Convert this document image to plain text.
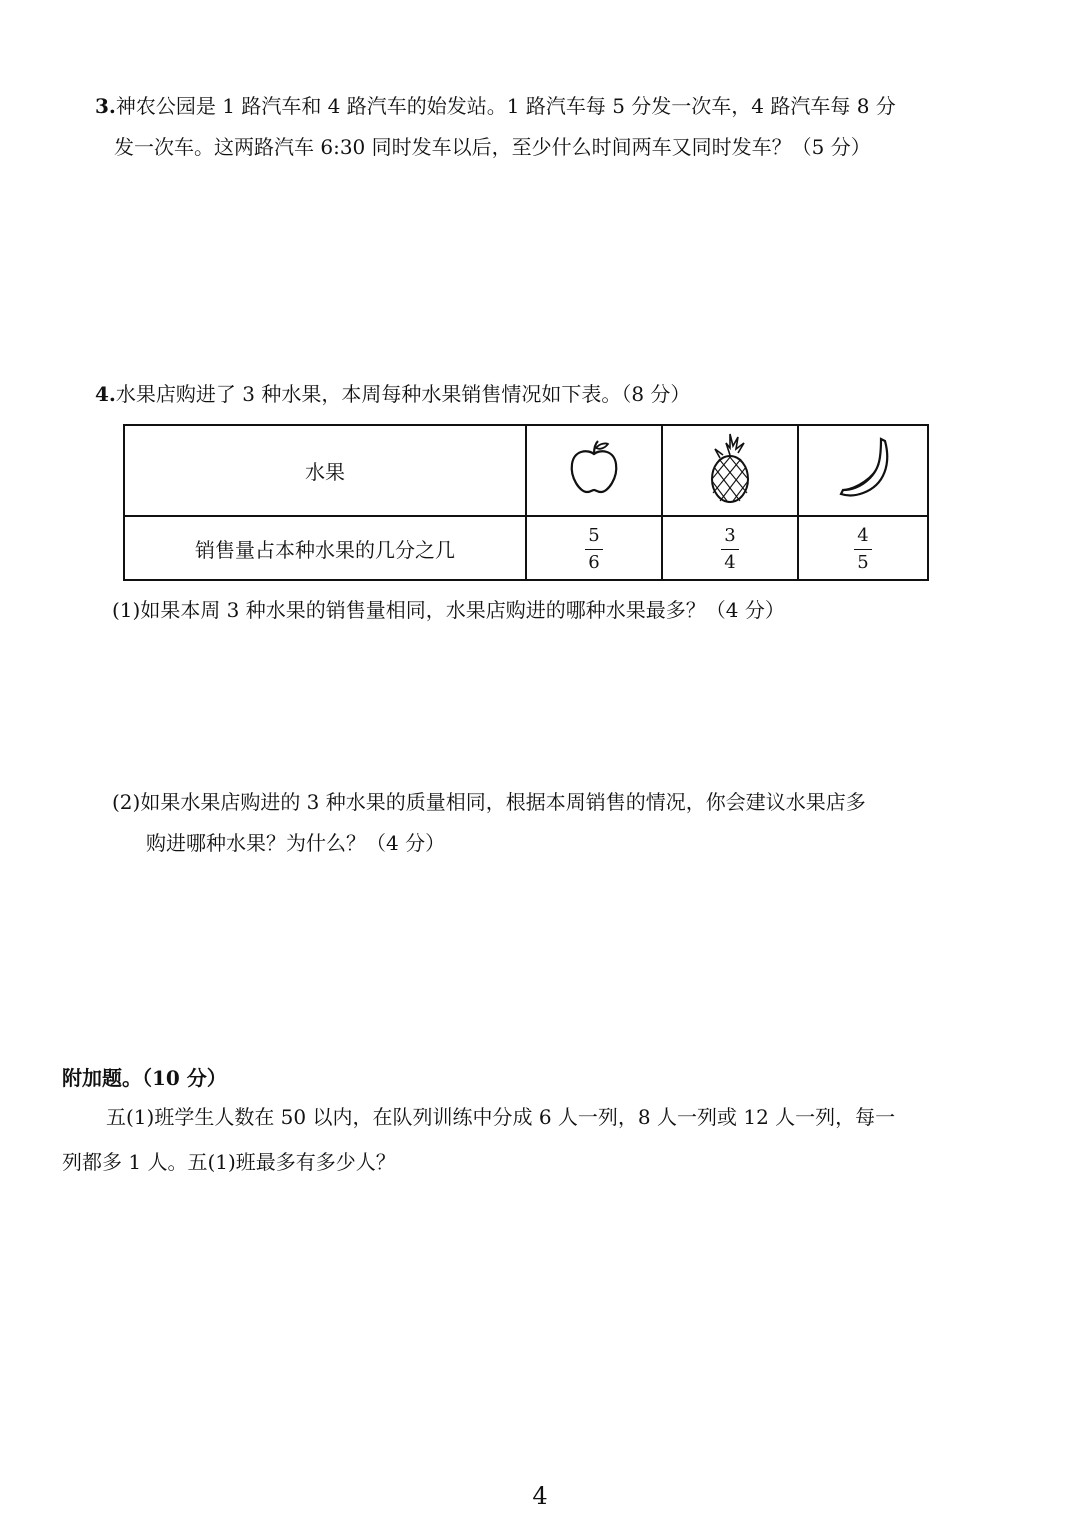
3.神农公园是 1 路汽车和 4 路汽车的始发站。1 路汽车每 5 分发一次车，4 路汽车每 8 分
发一次车。这两路汽车 6:30 同时发车以后，至少什么时间两车又同时发车？（5 分）
4.水果店购进了 3 种水果，本周每种水果销售情况如下表。（8 分）
水果			
销售量占本种水果的几分之几	$\frac{5}{6}$	$\frac{3}{4}$	$\frac{4}{5}$
(1)如果本周 3 种水果的销售量相同，水果店购进的哪种水果最多？（4 分）
(2)如果水果店购进的 3 种水果的质量相同，根据本周销售的情况，你会建议水果店多
购进哪种水果？为什么？（4 分）
附加题。（10 分）
五(1)班学生人数在 50 以内，在队列训练中分成 6 人一列，8 人一列或 12 人一列，每一
列都多 1 人。五(1)班最多有多少人？
4
